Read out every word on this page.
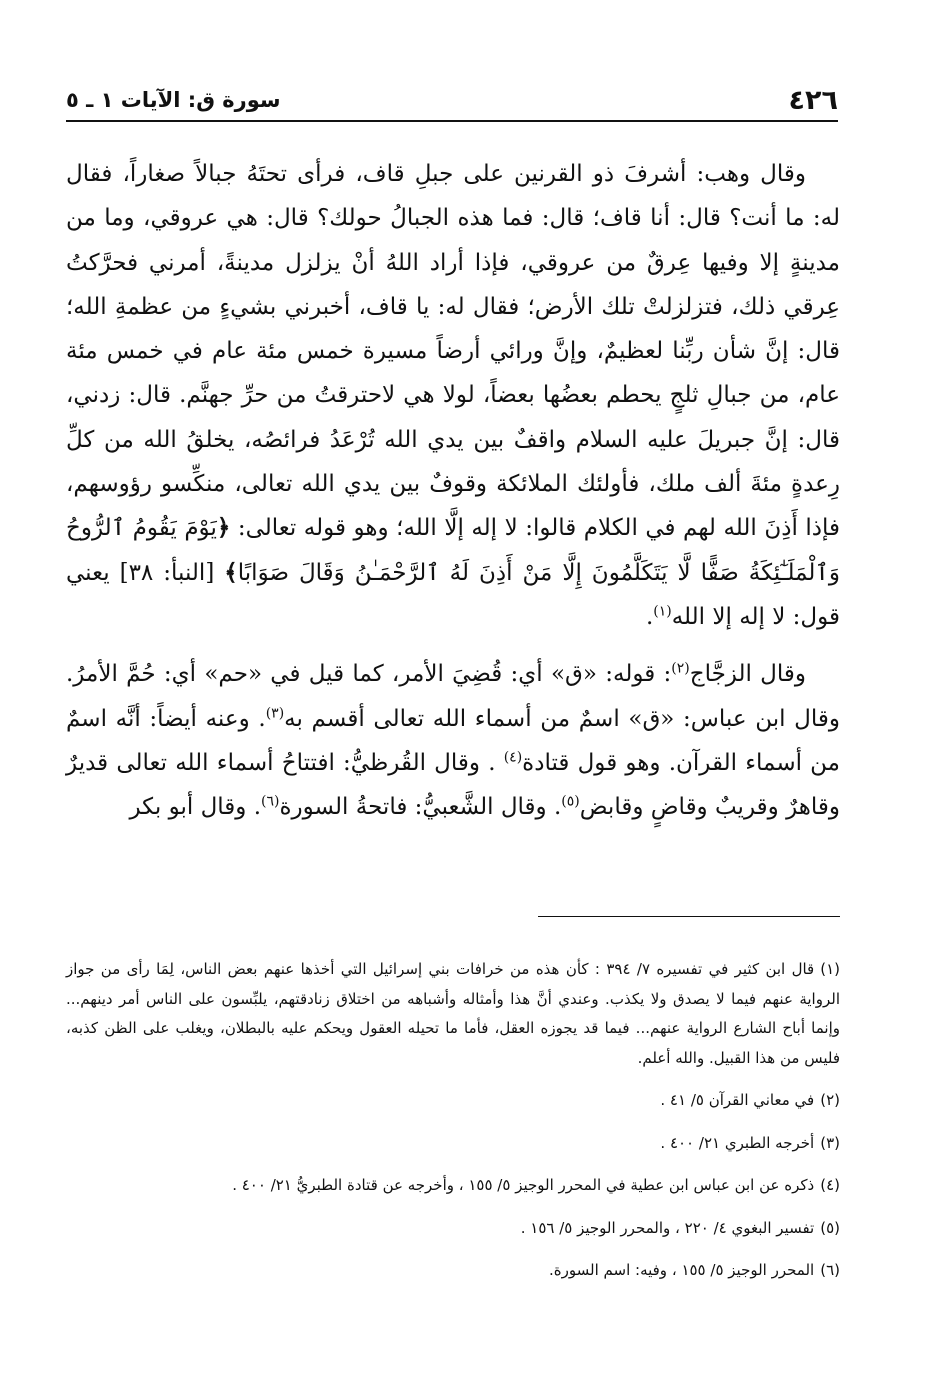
٤٢٦
سورة ق: الآيات ١ ـ ٥

وقال وهب: أشرفَ ذو القرنين على جبلِ قاف، فرأى تحتَهُ جبالاً صغاراً، فقال له: ما أنت؟ قال: أنا قاف؛ قال: فما هذه الجبالُ حولك؟ قال: هي عروقي، وما من مدينةٍ إلا وفيها عِرقٌ من عروقي، فإذا أراد اللهُ أنْ يزلزل مدينةً، أمرني فحرَّكتُ عِرقي ذلك، فتزلزلتْ تلك الأرض؛ فقال له: يا قاف، أخبرني بشيءٍ من عظمةِ الله؛ قال: إنَّ شأن ربِّنا لعظيمٌ، وإنَّ ورائي أرضاً مسيرة خمس مئة عام في خمس مئة عام، من جبالِ ثلجٍ يحطم بعضُها بعضاً، لولا هي لاحترقتُ من حرِّ جهنَّم. قال: زدني، قال: إنَّ جبريلَ عليه السلام واقفٌ بين يدي الله تُرْعَدُ فرائصُه، يخلقُ الله من كلِّ رِعدةٍ مئةَ ألف ملك، فأولئك الملائكة وقوفٌ بين يدي الله تعالى، منكِّسو رؤوسهم، فإذا أَذِنَ الله لهم في الكلام قالوا: لا إله إلَّا الله؛ وهو قوله تعالى: ﴿يَوْمَ يَقُومُ ٱلرُّوحُ وَٱلْمَلَـٰٓئِكَةُ صَفًّا لَّا يَتَكَلَّمُونَ إِلَّا مَنْ أَذِنَ لَهُ ٱلرَّحْمَـٰنُ وَقَالَ صَوَابًا﴾ [النبأ: ٣٨] يعني قول: لا إله إلا الله$^{(١)}$.

وقال الزجَّاج$^{(٢)}$: قوله: «ق» أي: قُضِيَ الأمر، كما قيل في «حم» أي: حُمَّ الأمرُ. وقال ابن عباس: «ق» اسمٌ من أسماء الله تعالى أقسم به$^{(٣)}$. وعنه أيضاً: أنَّه اسمٌ من أسماء القرآن. وهو قول قتادة$^{(٤)}$ . وقال القُرظيُّ: افتتاحُ أسماء الله تعالى قديرٌ وقاهرٌ وقريبٌ وقاضٍ وقابض$^{(٥)}$. وقال الشَّعبيُّ: فاتحةُ السورة$^{(٦)}$. وقال أبو بكر

(١)قال ابن كثير في تفسيره ٧/ ٣٩٤ : كأن هذه من خرافات بني إسرائيل التي أخذها عنهم بعض الناس، لِمَا رأى من جواز الرواية عنهم فيما لا يصدق ولا يكذب. وعندي أنَّ هذا وأمثاله وأشباهه من اختلاق زنادقتهم، يلبِّسون على الناس أمر دينهم... وإنما أباح الشارع الرواية عنهم... فيما قد يجوزه العقل، فأما ما تحيله العقول ويحكم عليه بالبطلان، ويغلب على الظن كذبه، فليس من هذا القبيل. والله أعلم.

(٢)في معاني القرآن ٥/ ٤١ .

(٣)أخرجه الطبري ٢١/ ٤٠٠ .

(٤)ذكره عن ابن عباس ابن عطية في المحرر الوجيز ٥/ ١٥٥ ، وأخرجه عن قتادة الطبريُّ ٢١/ ٤٠٠ .

(٥)تفسير البغوي ٤/ ٢٢٠ ، والمحرر الوجيز ٥/ ١٥٦ .

(٦)المحرر الوجيز ٥/ ١٥٥ ، وفيه: اسم السورة.
